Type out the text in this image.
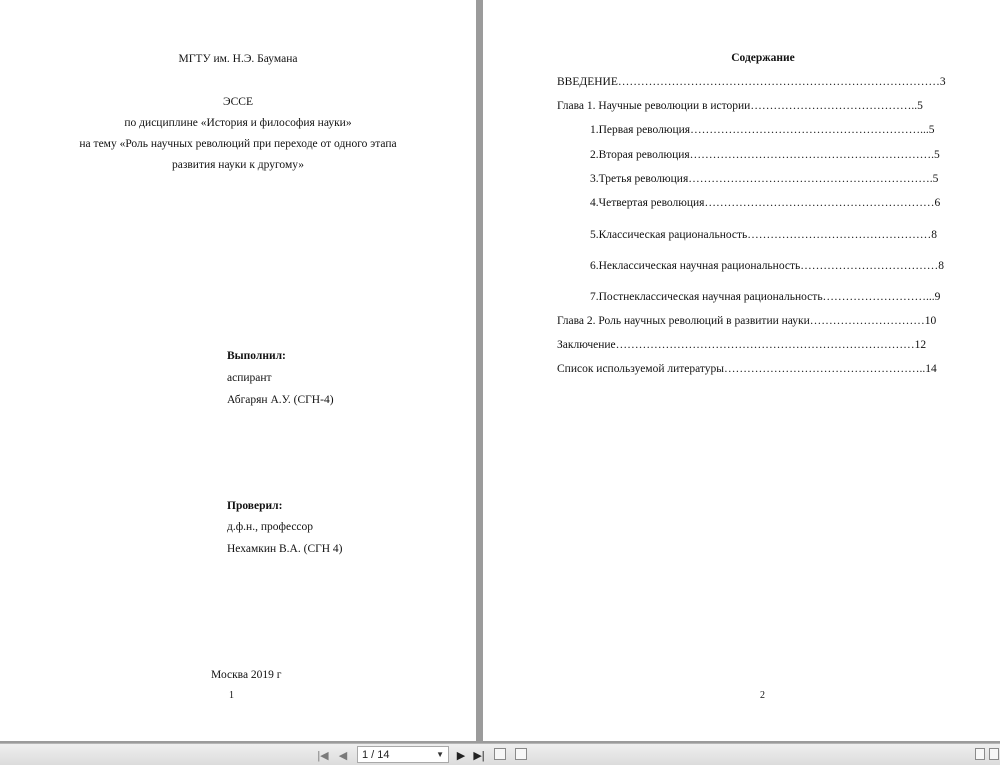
МГТУ им. Н.Э. Баумана
ЭССЕ
по дисциплине «История и философия науки»
на тему «Роль научных революций при переходе от одного этапа
развития науки к другому»
Выполнил:
аспирант
Абгарян А.У. (СГН-4)
Проверил:
д.ф.н., профессор
Нехамкин В.А. (СГН 4)
Москва 2019 г
1
Содержание
ВВЕДЕНИЕ…………………………………………………………………………3
Глава 1. Научные революции в истории……………………………………..5
1.Первая революция……………………………………………………...5
2.Вторая революция……………………………………………………….5
3.Третья революция……………………………………………………….5
4.Четвертая революция……………………………………………………6
5.Классическая рациональность…………………………………………8
6.Неклассическая научная рациональность………………………………8
7.Постнеклассическая научная рациональность………………………...9
Глава 2. Роль научных революций в развитии науки…………………………10
Заключение……………………………………………………………………12
Список используемой литературы……………………………………………..14
2
|◀ ◀ 1 / 14	▼ ▶ ▶|
